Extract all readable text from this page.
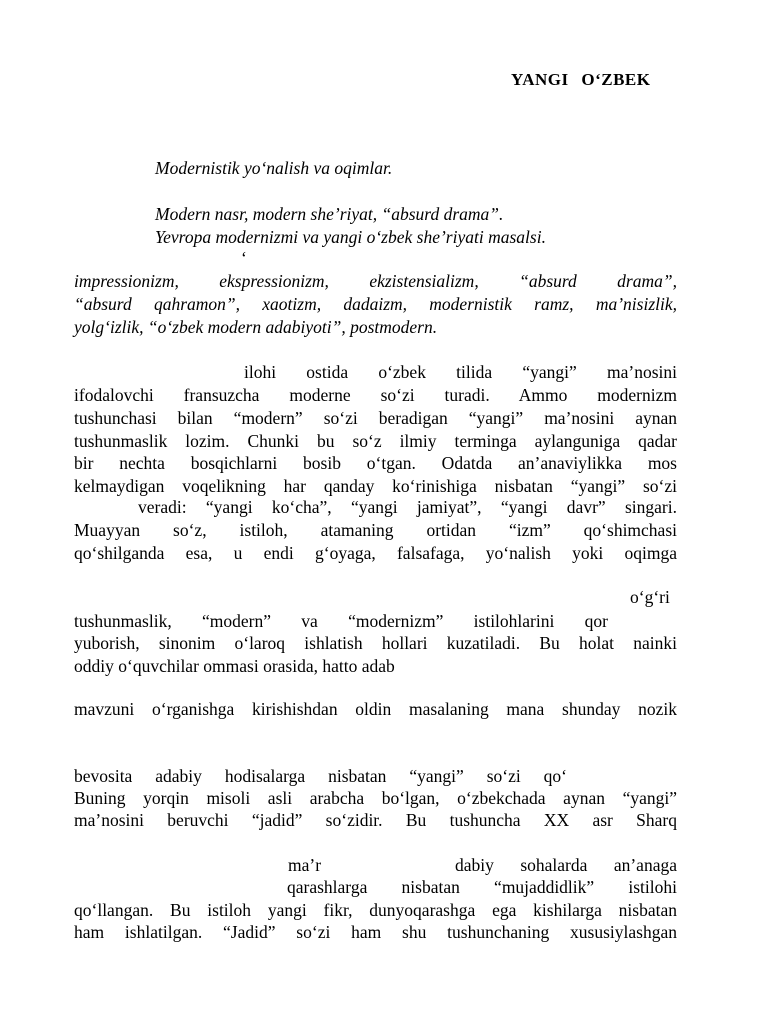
YANGI O‘ZBEK
Modernistik yo‘nalish va oqimlar.
Modern nasr, modern she’riyat, “absurd drama”.
Yevropa modernizmi va yangi o‘zbek she’riyati masalsi.
‘
impressionizm, ekspressionizm, ekzistensializm, “absurd drama”,
“absurd qahramon”, xaotizm, dadaizm, modernistik ramz, ma’nisizlik,
yolg‘izlik, “o‘zbek modern adabiyoti”, postmodern.
ilohi ostida o‘zbek tilida “yangi” ma’nosini
ifodalovchi fransuzcha moderne so‘zi turadi. Ammo modernizm
tushunchasi bilan “modern” so‘zi beradigan “yangi” ma’nosini aynan
tushunmaslik lozim. Chunki bu so‘z ilmiy terminga aylanguniga qadar
bir nechta bosqichlarni bosib o‘tgan. Odatda an’anaviylikka mos
kelmaydigan voqelikning har qanday ko‘rinishiga nisbatan “yangi” so‘zi
veradi: “yangi ko‘cha”, “yangi jamiyat”, “yangi davr” singari.
Muayyan so‘z, istiloh, atamaning ortidan “izm” qo‘shimchasi
qo‘shilganda esa, u endi g‘oyaga, falsafaga, yo‘nalish yoki oqimga
o‘g‘ri
tushunmaslik, “modern” va “modernizm” istilohlarini qor
yuborish, sinonim o‘laroq ishlatish hollari kuzatiladi. Bu holat nainki
oddiy o‘quvchilar ommasi orasida, hatto adab
mavzuni o‘rganishga kirishishdan oldin masalaning mana shunday nozik
bevosita adabiy hodisalarga nisbatan “yangi” so‘zi qo‘
Buning yorqin misoli asli arabcha bo‘lgan, o‘zbekchada aynan “yangi”
ma’nosini beruvchi “jadid” so‘zidir. Bu tushuncha XX asr Sharq
ma’r	dabiy sohalarda an’anaga
qarashlarga nisbatan “mujaddidlik” istilohi
qo‘llangan. Bu istiloh yangi fikr, dunyoqarashga ega kishilarga nisbatan
ham ishlatilgan. “Jadid” so‘zi ham shu tushunchaning xususiylashgan
